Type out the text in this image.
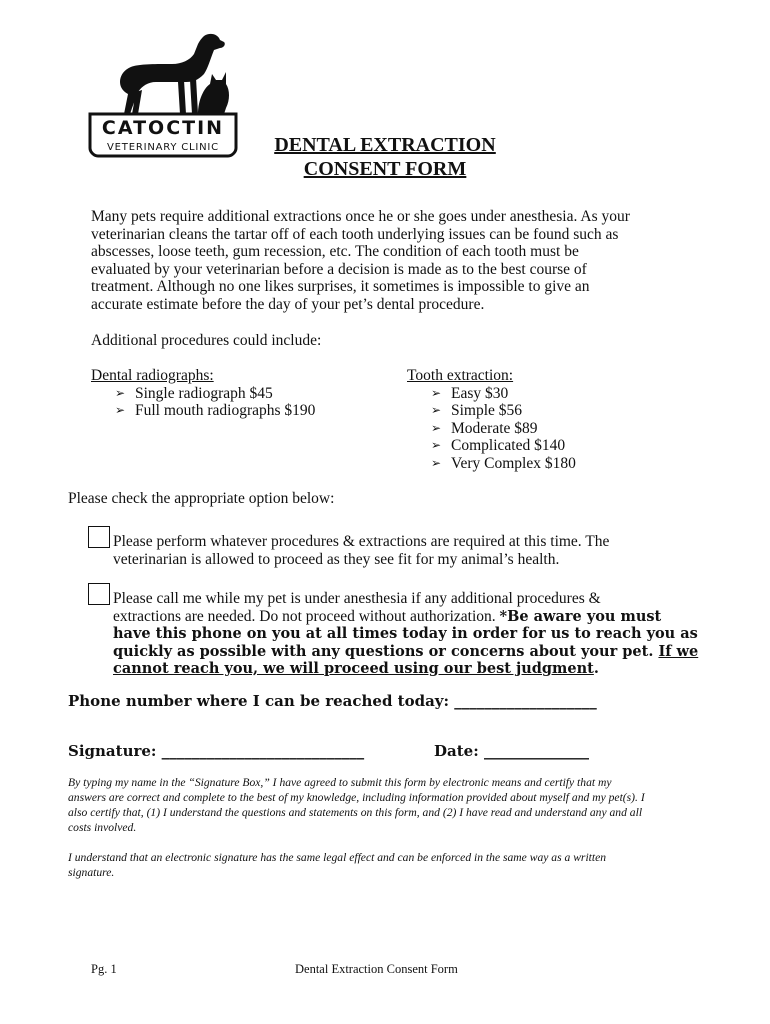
CATOCTIN
VETERINARY CLINIC	DENTAL EXTRACTION
CONSENT FORM
Many pets require additional extractions once he or she goes under anesthesia. As your
veterinarian cleans the tartar off of each tooth underlying issues can be found such as
abscesses, loose teeth, gum recession, etc. The condition of each tooth must be
evaluated by your veterinarian before a decision is made as to the best course of
treatment. Although no one likes surprises, it sometimes is impossible to give an
accurate estimate before the day of your pet’s dental procedure.
Additional procedures could include:
Dental radiographs:
➢ Single radiograph $45
➢ Full mouth radiographs $190
Tooth extraction:
➢ Easy $30
➢ Simple $56
➢ Moderate $89
➢ Complicated $140
➢ Very Complex $180
Please check the appropriate option below:
Please perform whatever procedures & extractions are required at this time. The
veterinarian is allowed to proceed as they see fit for my animal’s health.
Please call me while my pet is under anesthesia if any additional procedures &
extractions are needed. Do not proceed without authorization. *Be aware you must
have this phone on you at all times today in order for us to reach you as
quickly as possible with any questions or concerns about your pet. If we
cannot reach you, we will proceed using our best judgment.
Phone number where I can be reached today: ___________________
Signature: ___________________________	Date: ______________
By typing my name in the “Signature Box,” I have agreed to submit this form by electronic means and certify that my
answers are correct and complete to the best of my knowledge, including information provided about myself and my pet(s). I
also certify that, (1) I understand the questions and statements on this form, and (2) I have read and understand any and all
costs involved.
I understand that an electronic signature has the same legal effect and can be enforced in the same way as a written
signature.
Pg. 1	Dental Extraction Consent Form
